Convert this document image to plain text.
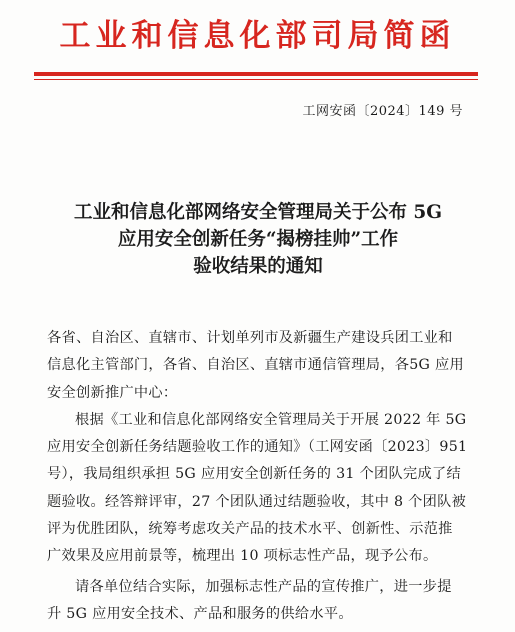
工业和信息化部司局简函
工网安函〔2024〕149 号
工业和信息化部网络安全管理局关于公布 5G
应用安全创新任务“揭榜挂帅”工作
验收结果的通知
各省、自治区、直辖市、计划单列市及新疆生产建设兵团工业和
信息化主管部门，各省、自治区、直辖市通信管理局，各5G 应用
安全创新推广中心：
根据《工业和信息化部网络安全管理局关于开展 2022 年 5G
应用安全创新任务结题验收工作的通知》（工网安函〔2023〕951
号），我局组织承担 5G 应用安全创新任务的 31 个团队完成了结
题验收。经答辩评审，27 个团队通过结题验收，其中 8 个团队被
评为优胜团队，统筹考虑攻关产品的技术水平、创新性、示范推
广效果及应用前景等，梳理出 10 项标志性产品，现予公布。
请各单位结合实际，加强标志性产品的宣传推广，进一步提
升 5G 应用安全技术、产品和服务的供给水平。
